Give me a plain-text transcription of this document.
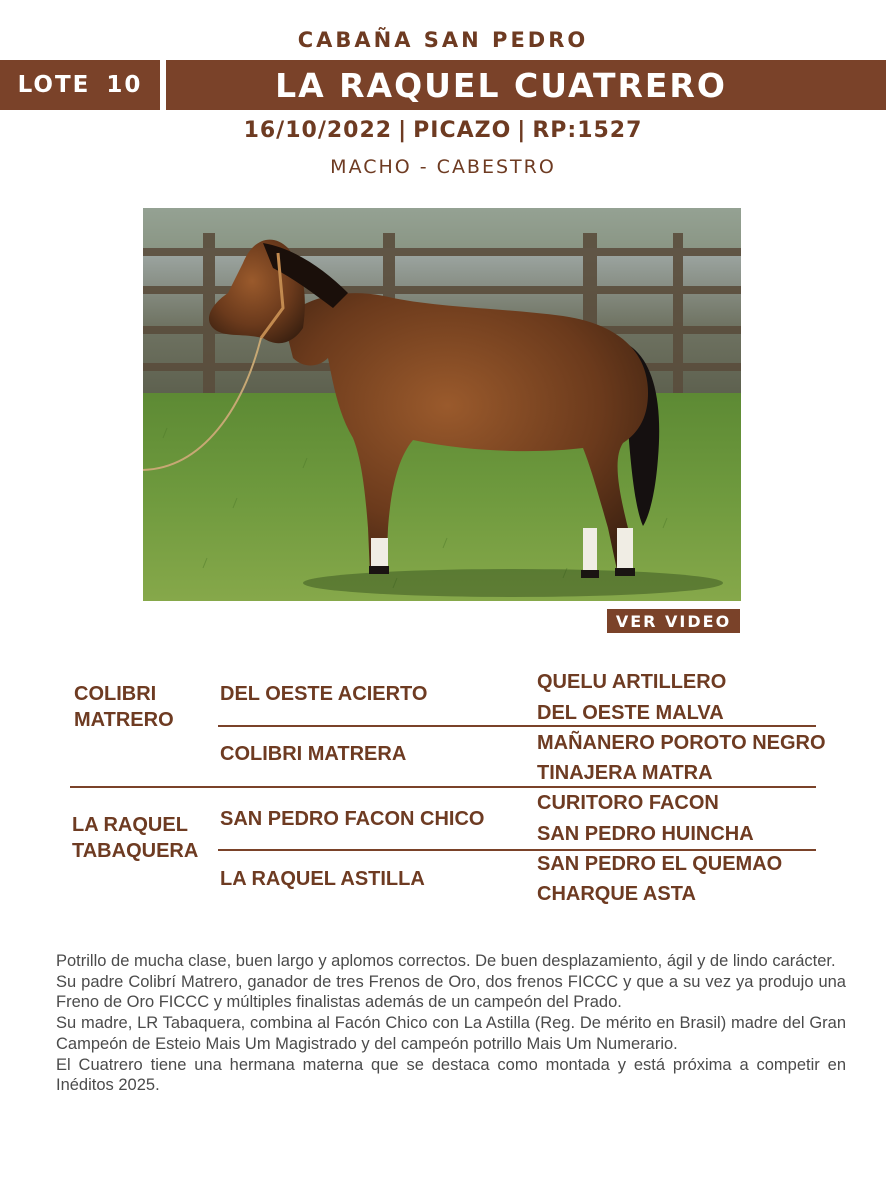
CABAÑA SAN PEDRO
LOTE 10	LA RAQUEL CUATRERO
16/10/2022 | PICAZO | RP:1527
MACHO - CABESTRO
VER VIDEO
COLIBRI
MATRERO
LA RAQUEL
TABAQUERA
DEL OESTE ACIERTO
COLIBRI MATRERA
SAN PEDRO FACON CHICO
LA RAQUEL ASTILLA
QUELU ARTILLERO
DEL OESTE MALVA
MAÑANERO POROTO NEGRO
TINAJERA MATRA
CURITORO FACON
SAN PEDRO HUINCHA
SAN PEDRO EL QUEMAO
CHARQUE ASTA

Potrillo de mucha clase, buen largo y aplomos correctos. De buen desplazamiento, ágil y de lindo carácter.

Su padre Colibrí Matrero, ganador de tres Frenos de Oro, dos frenos FICCC y que a su vez ya produjo una Freno de Oro FICCC y múltiples finalistas además de un campeón del Prado.

Su madre, LR Tabaquera, combina al Facón Chico con La Astilla (Reg. De mérito en Brasil) madre del Gran Campeón de Esteio Mais Um Magistrado y del campeón potrillo Mais Um Numerario.

El Cuatrero tiene una hermana materna que se destaca como montada y está próxima a competir en Inéditos 2025.
